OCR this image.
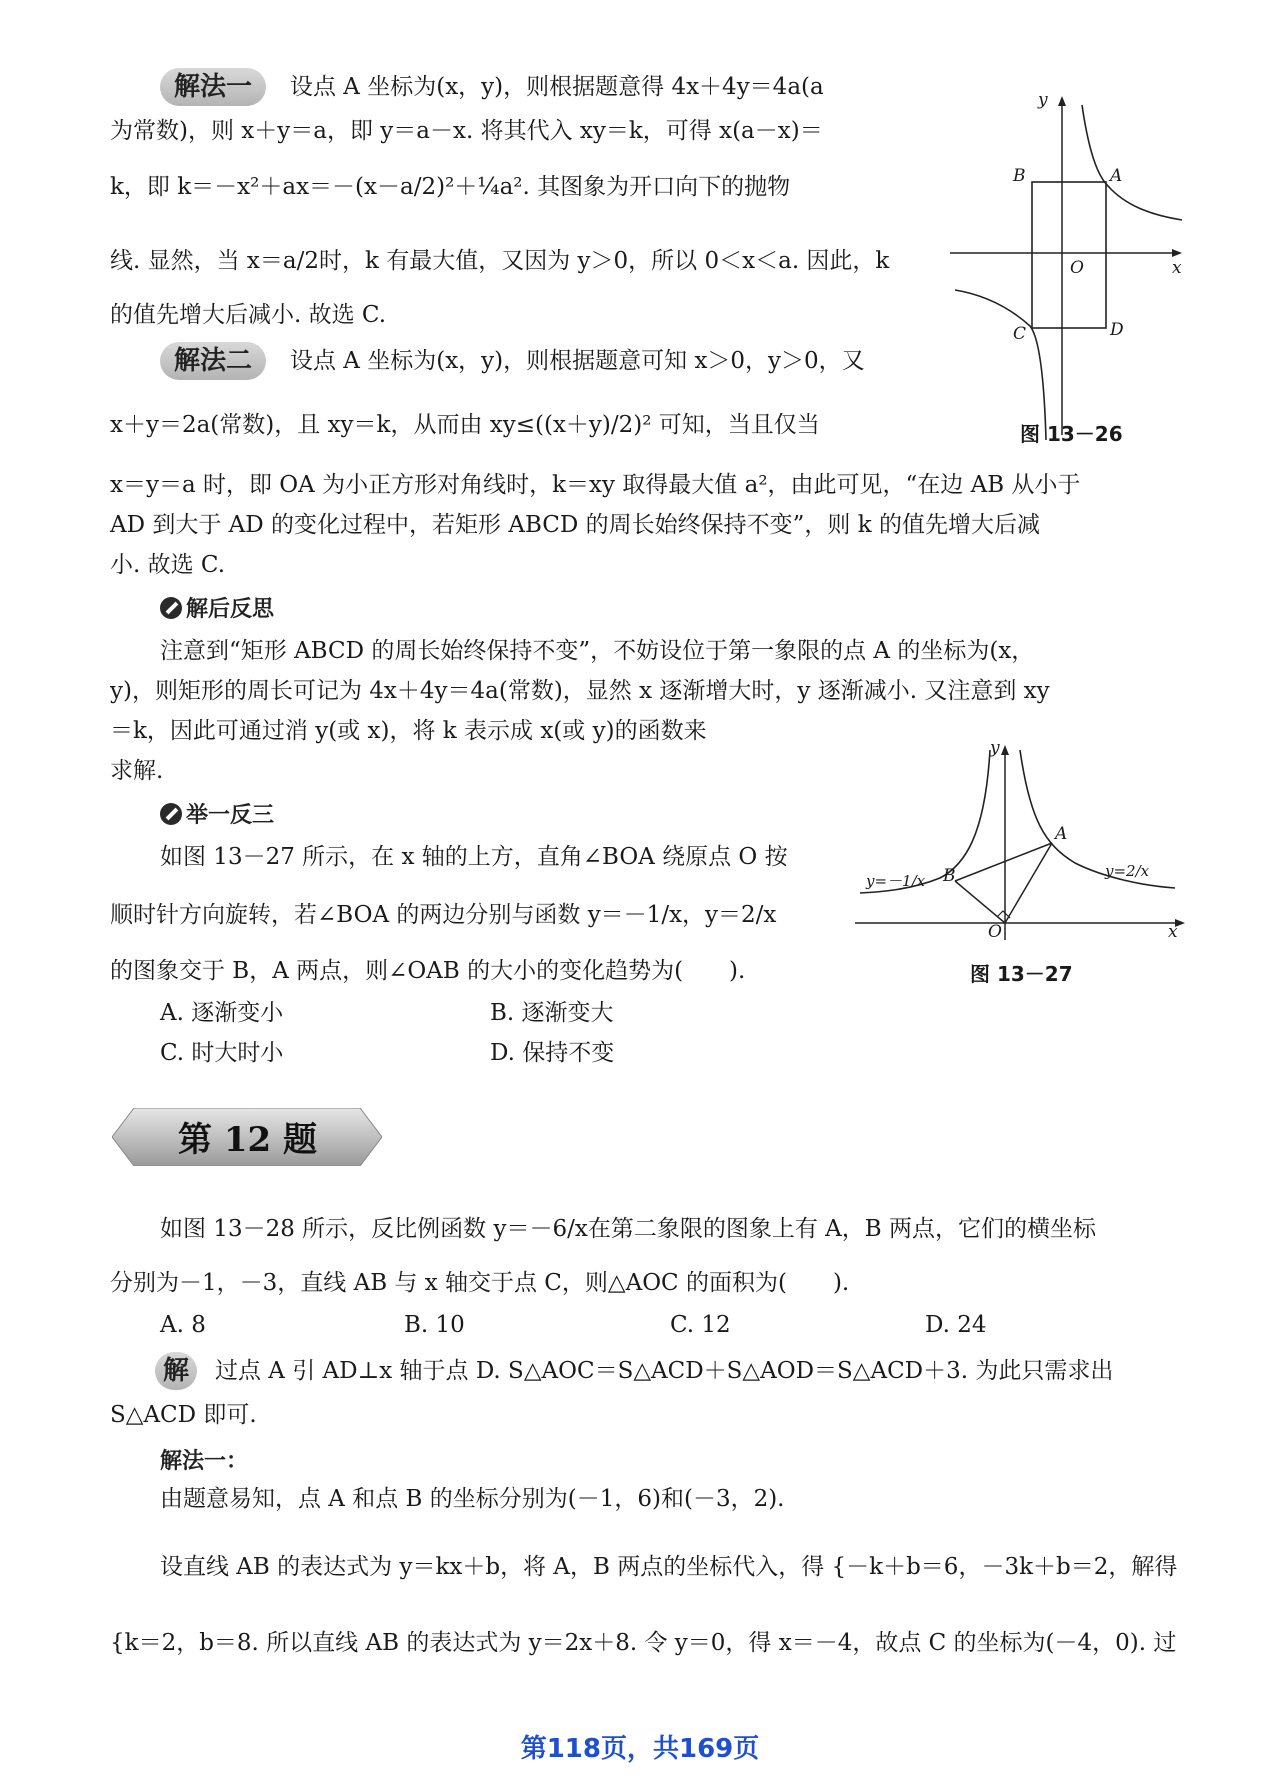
解法一	设点 A 坐标为(x，y)，则根据题意得 4x＋4y＝4a(a
为常数)，则 x＋y＝a，即 y＝a－x. 将其代入 xy＝k，可得 x(a－x)＝
k，即 k＝－x²＋ax＝－(x－a/2)²＋¼a². 其图象为开口向下的抛物
线. 显然，当 x＝a/2时，k 有最大值，又因为 y＞0，所以 0＜x＜a. 因此，k
的值先增大后减小. 故选 C.
解法二	设点 A 坐标为(x，y)，则根据题意可知 x＞0，y＞0，又
x＋y＝2a(常数)，且 xy＝k，从而由 xy≤((x＋y)/2)² 可知，当且仅当
x＝y＝a 时，即 OA 为小正方形对角线时，k＝xy 取得最大值 a²，由此可见，“在边 AB 从小于
AD 到大于 AD 的变化过程中，若矩形 ABCD 的周长始终保持不变”，则 k 的值先增大后减
小. 故选 C.
y
x
A
B
C	D
O
图 13－26
解后反思
注意到“矩形 ABCD 的周长始终保持不变”，不妨设位于第一象限的点 A 的坐标为(x，
y)，则矩形的周长可记为 4x＋4y＝4a(常数)，显然 x 逐渐增大时，y 逐渐减小. 又注意到 xy
＝k，因此可通过消 y(或 x)，将 k 表示成 x(或 y)的函数来
求解.
举一反三
如图 13－27 所示，在 x 轴的上方，直角∠BOA 绕原点 O 按
顺时针方向旋转，若∠BOA 的两边分别与函数 y＝－1/x，y＝2/x
的图象交于 B，A 两点，则∠OAB 的大小的变化趋势为(　　).
A. 逐渐变小	B. 逐渐变大
C. 时大时小	D. 保持不变
y
x
A
B
O
y=－1/x
y=2/x
图 13－27
第 12 题
如图 13－28 所示，反比例函数 y＝－6/x在第二象限的图象上有 A，B 两点，它们的横坐标
分别为－1，－3，直线 AB 与 x 轴交于点 C，则△AOC 的面积为(　　).
A. 8	B. 10	C. 12	D. 24
解	过点 A 引 AD⊥x 轴于点 D. S△AOC＝S△ACD＋S△AOD＝S△ACD＋3. 为此只需求出
S△ACD 即可.
解法一：
由题意易知，点 A 和点 B 的坐标分别为(－1，6)和(－3，2).
设直线 AB 的表达式为 y＝kx＋b，将 A，B 两点的坐标代入，得 {－k＋b＝6，－3k＋b＝2，解得
{k＝2，b＝8. 所以直线 AB 的表达式为 y＝2x＋8. 令 y＝0，得 x＝－4，故点 C 的坐标为(－4，0). 过
第118页，共169页
